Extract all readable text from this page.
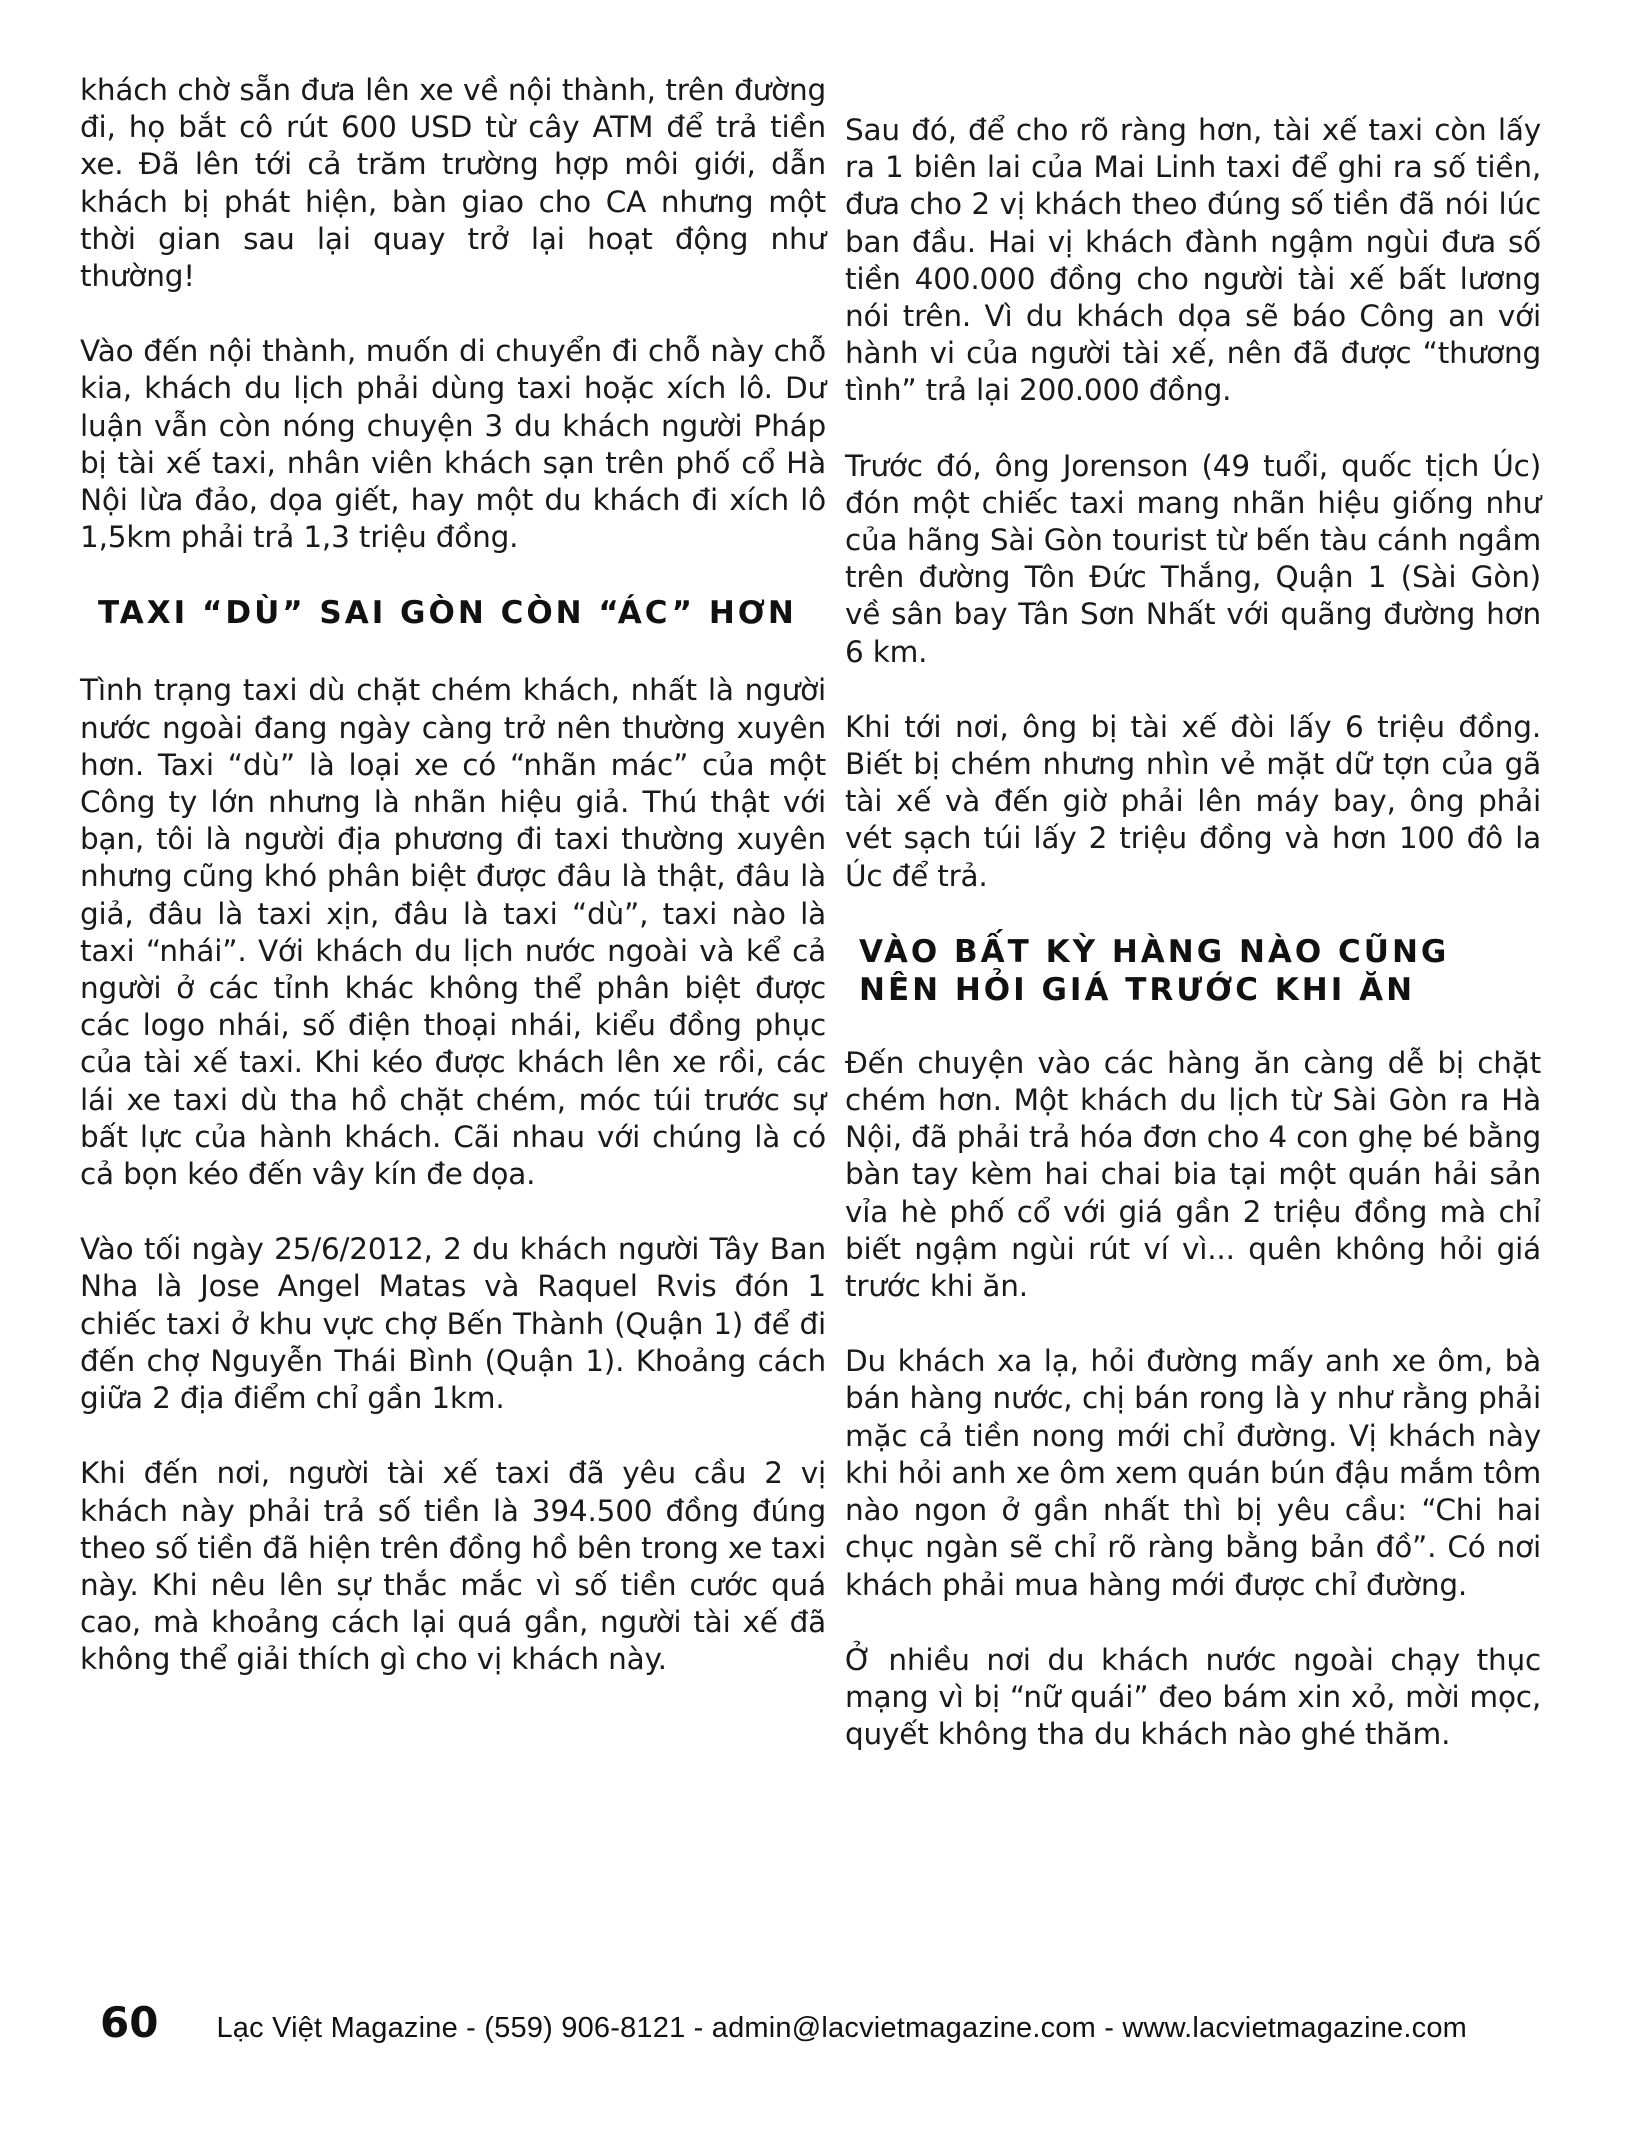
khách chờ sẵn đưa lên xe về nội thành, trên đường đi, họ bắt cô rút 600 USD từ cây ATM để trả tiền xe. Đã lên tới cả trăm trường hợp môi giới, dẫn khách bị phát hiện, bàn giao cho CA nhưng một thời gian sau lại quay trở lại hoạt động như thường!

Vào đến nội thành, muốn di chuyển đi chỗ này chỗ kia, khách du lịch phải dùng taxi hoặc xích lô. Dư luận vẫn còn nóng chuyện 3 du khách người Pháp bị tài xế taxi, nhân viên khách sạn trên phố cổ Hà Nội lừa đảo, dọa giết, hay một du khách đi xích lô 1,5km phải trả 1,3 triệu đồng.

TAXI “DÙ” SAI GÒN CÒN “ÁC” HƠN

Tình trạng taxi dù chặt chém khách, nhất là người nước ngoài đang ngày càng trở nên thường xuyên hơn. Taxi “dù” là loại xe có “nhãn mác” của một Công ty lớn nhưng là nhãn hiệu giả. Thú thật với bạn, tôi là người địa phương đi taxi thường xuyên nhưng cũng khó phân biệt được đâu là thật, đâu là giả, đâu là taxi xịn, đâu là taxi “dù”, taxi nào là taxi “nhái”. Với khách du lịch nước ngoài và kể cả người ở các tỉnh khác không thể phân biệt được các logo nhái, số điện thoại nhái, kiểu đồng phục của tài xế taxi. Khi kéo được khách lên xe rồi, các lái xe taxi dù tha hồ chặt chém, móc túi trước sự bất lực của hành khách. Cãi nhau với chúng là có cả bọn kéo đến vây kín đe dọa.

Vào tối ngày 25/6/2012, 2 du khách người Tây Ban Nha là Jose Angel Matas và Raquel Rvis đón 1 chiếc taxi ở khu vực chợ Bến Thành (Quận 1) để đi đến chợ Nguyễn Thái Bình (Quận 1). Khoảng cách giữa 2 địa điểm chỉ gần 1km.

Khi đến nơi, người tài xế taxi đã yêu cầu 2 vị khách này phải trả số tiền là 394.500 đồng đúng theo số tiền đã hiện trên đồng hồ bên trong xe taxi này. Khi nêu lên sự thắc mắc vì số tiền cước quá cao, mà khoảng cách lại quá gần, người tài xế đã không thể giải thích gì cho vị khách này.

Sau đó, để cho rõ ràng hơn, tài xế taxi còn lấy ra 1 biên lai của Mai Linh taxi để ghi ra số tiền, đưa cho 2 vị khách theo đúng số tiền đã nói lúc ban đầu. Hai vị khách đành ngậm ngùi đưa số tiền 400.000 đồng cho người tài xế bất lương nói trên. Vì du khách dọa sẽ báo Công an với hành vi của người tài xế, nên đã được “thương tình” trả lại 200.000 đồng.

Trước đó, ông Jorenson (49 tuổi, quốc tịch Úc) đón một chiếc taxi mang nhãn hiệu giống như của hãng Sài Gòn tourist từ bến tàu cánh ngầm trên đường Tôn Đức Thắng, Quận 1 (Sài Gòn) về sân bay Tân Sơn Nhất với quãng đường hơn 6 km.

Khi tới nơi, ông bị tài xế đòi lấy 6 triệu đồng. Biết bị chém nhưng nhìn vẻ mặt dữ tợn của gã tài xế và đến giờ phải lên máy bay, ông phải vét sạch túi lấy 2 triệu đồng và hơn 100 đô la Úc để trả.

VÀO BẤT KỲ HÀNG NÀO CŨNG NÊN HỎI GIÁ TRƯỚC KHI ĂN

Đến chuyện vào các hàng ăn càng dễ bị chặt chém hơn. Một khách du lịch từ Sài Gòn ra Hà Nội, đã phải trả hóa đơn cho 4 con ghẹ bé bằng bàn tay kèm hai chai bia tại một quán hải sản vỉa hè phố cổ với giá gần 2 triệu đồng mà chỉ biết ngậm ngùi rút ví vì... quên không hỏi giá trước khi ăn.

Du khách xa lạ, hỏi đường mấy anh xe ôm, bà bán hàng nước, chị bán rong là y như rằng phải mặc cả tiền nong mới chỉ đường. Vị khách này khi hỏi anh xe ôm xem quán bún đậu mắm tôm nào ngon ở gần nhất thì bị yêu cầu: “Chi hai chục ngàn sẽ chỉ rõ ràng bằng bản đồ”. Có nơi khách phải mua hàng mới được chỉ đường.

Ở nhiều nơi du khách nước ngoài chạy thục mạng vì bị “nữ quái” đeo bám xin xỏ, mời mọc, quyết không tha du khách nào ghé thăm.

60 Lạc Việt Magazine - (559) 906-8121 - admin@lacvietmagazine.com - www.lacvietmagazine.com
